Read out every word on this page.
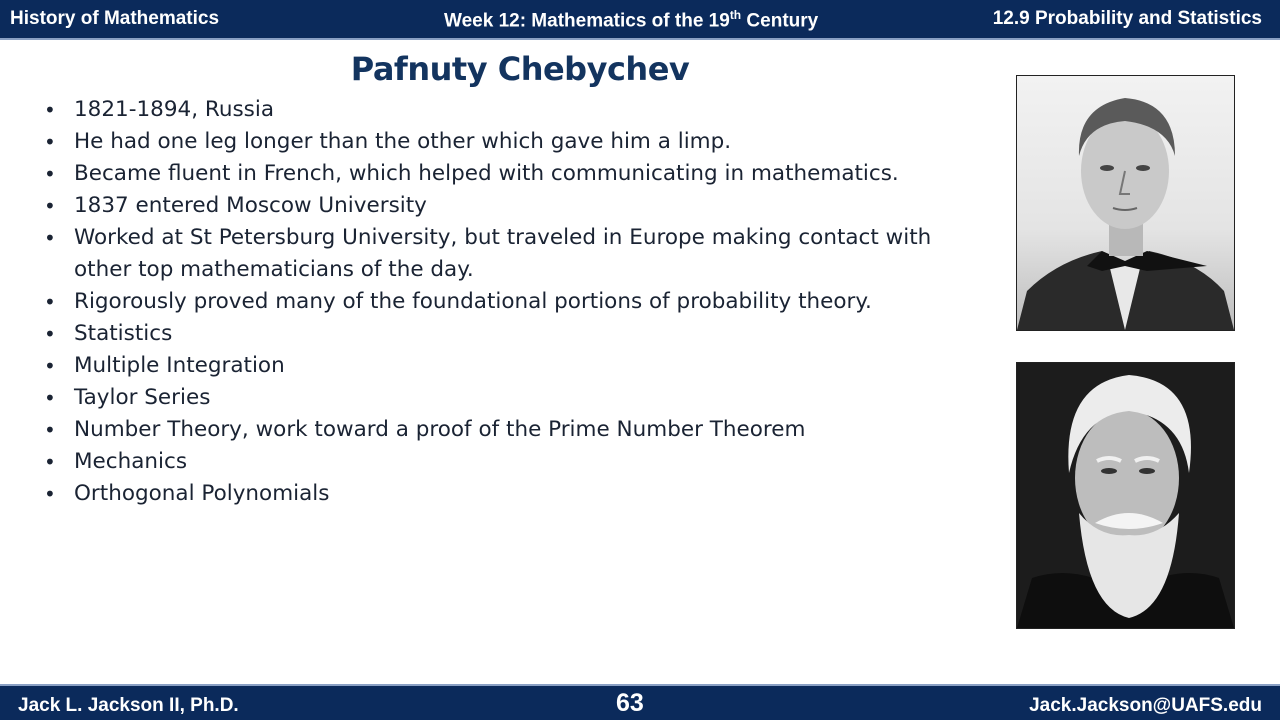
History of Mathematics	Week 12: Mathematics of the 19th Century	12.9 Probability and Statistics
Pafnuty Chebychev
• 1821-1894, Russia
• He had one leg longer than the other which gave him a limp.
• Became fluent in French, which helped with communicating in mathematics.
• 1837 entered Moscow University
• Worked at St Petersburg University, but traveled in Europe making contact with other top mathematicians of the day.
• Rigorously proved many of the foundational portions of probability theory.
• Statistics
• Multiple Integration
• Taylor Series
• Number Theory, work toward a proof of the Prime Number Theorem
• Mechanics
• Orthogonal Polynomials
Jack L. Jackson II, Ph.D.	63	Jack.Jackson@UAFS.edu
